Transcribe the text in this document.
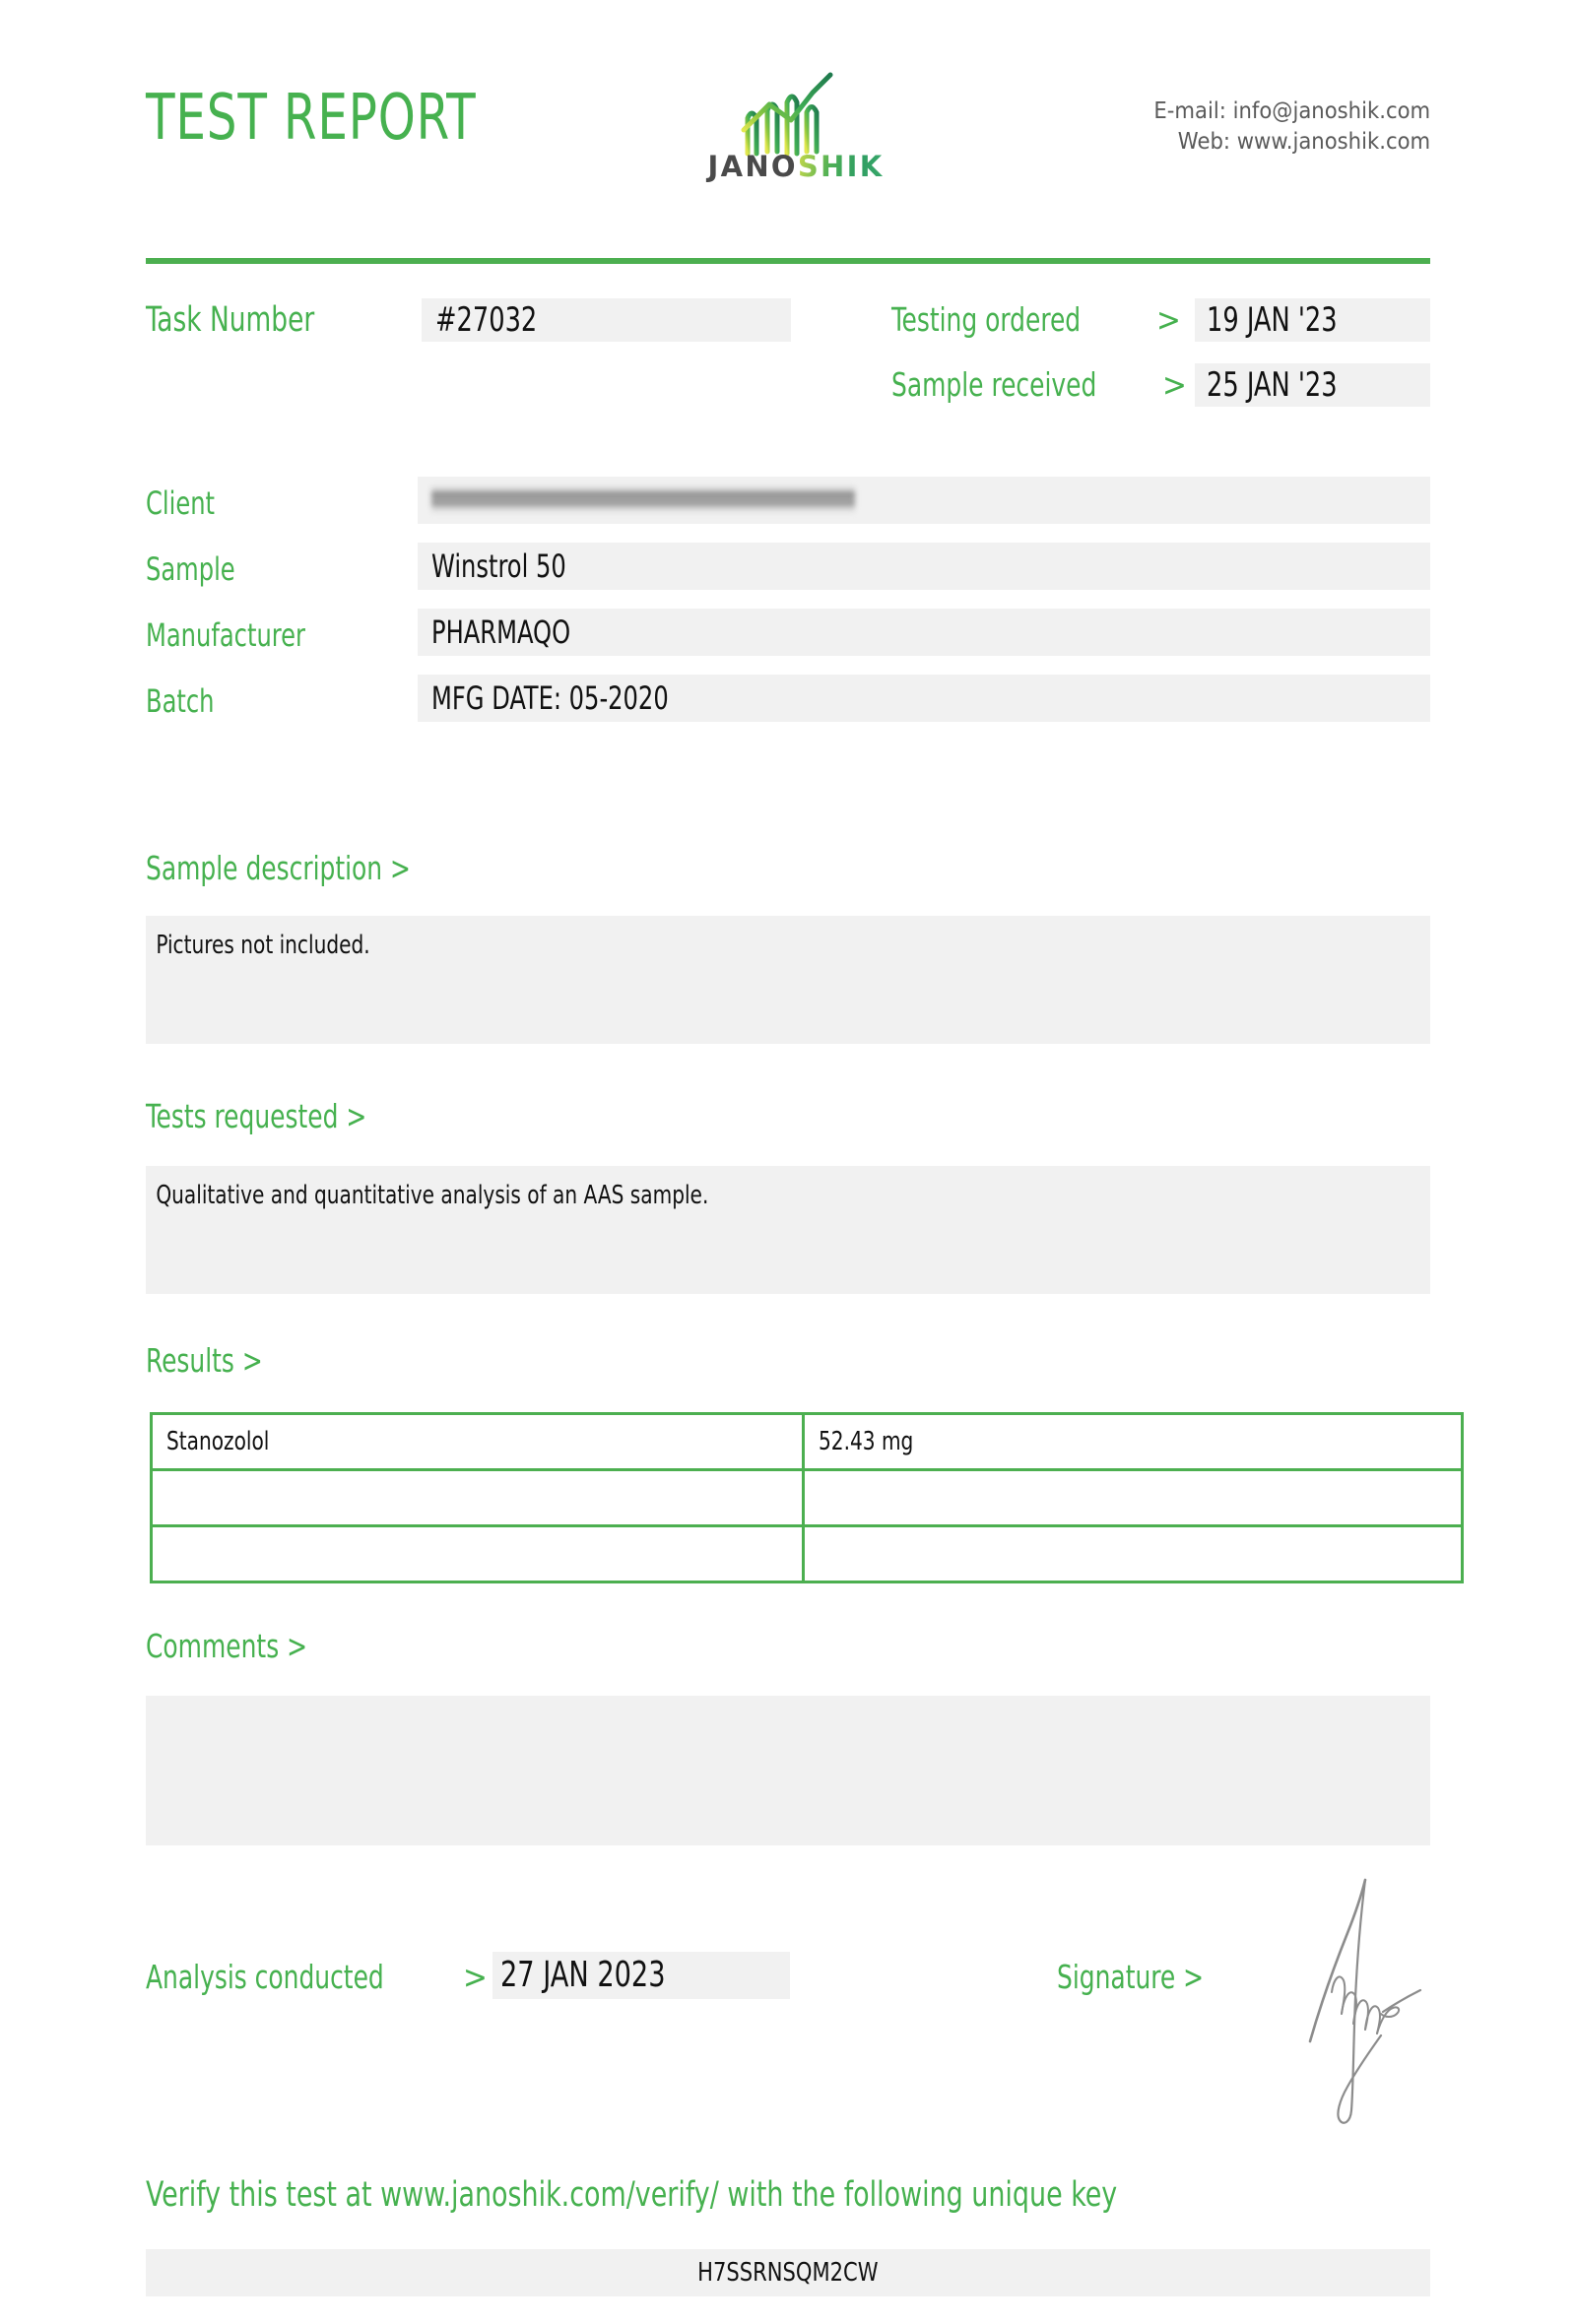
TEST REPORT
JANOSHIK
E-mail: info@janoshik.com
Web: www.janoshik.com
Task Number	#27032	Testing ordered > 19 JAN '23
Sample received > 25 JAN '23
Client
Sample	Winstrol 50
Manufacturer	PHARMAQO
Batch	MFG DATE: 05-2020
Sample description >
Pictures not included.
Tests requested >
Qualitative and quantitative analysis of an AAS sample.
Results >
Stanozolol	52.43 mg

Comments >
Analysis conducted > 27 JAN 2023	Signature >
Verify this test at www.janoshik.com/verify/ with the following unique key
H7SSRNSQM2CW
